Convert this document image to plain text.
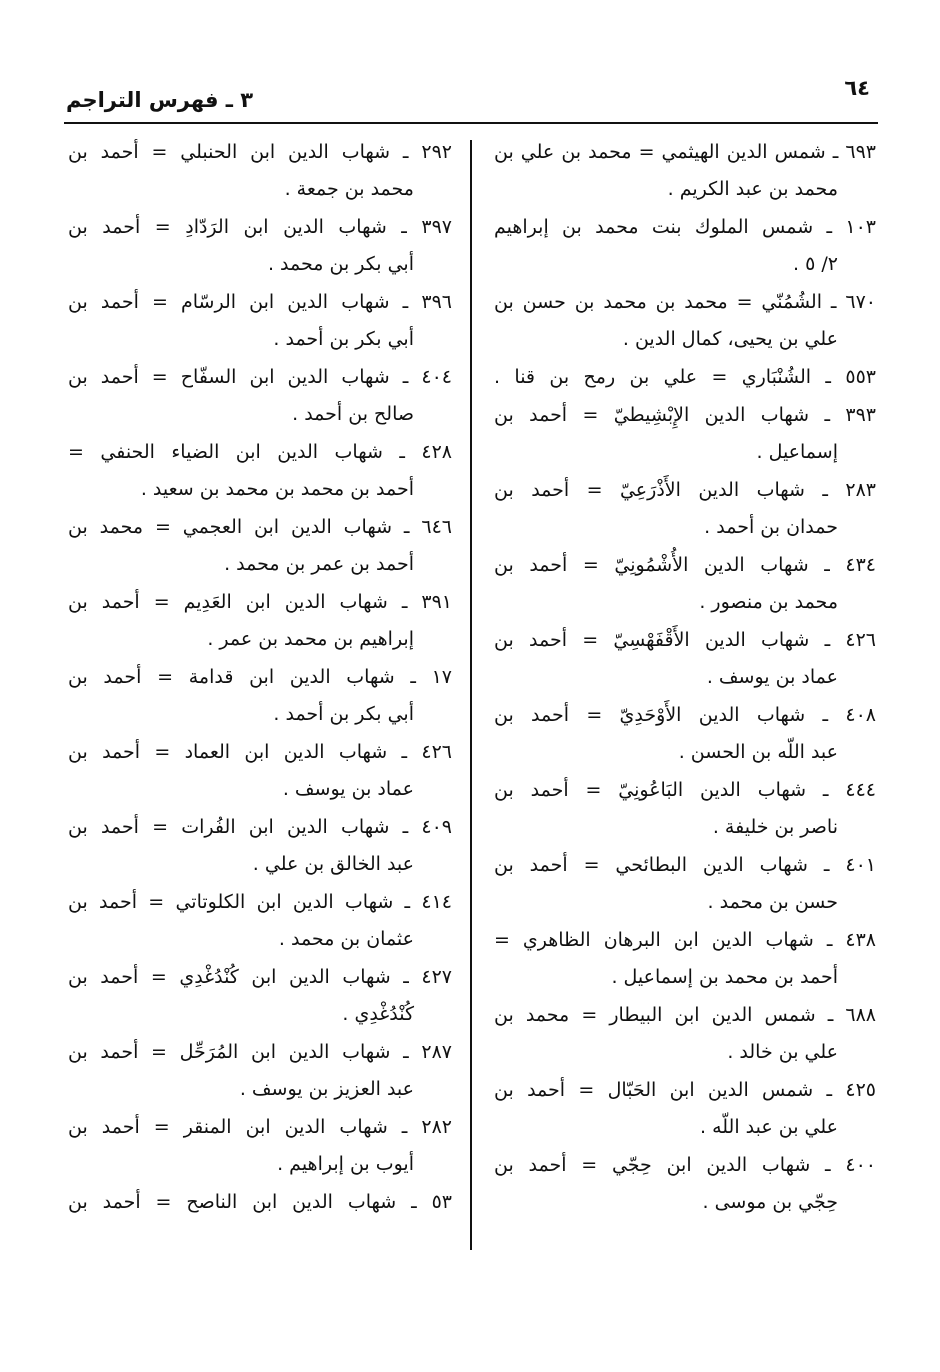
٦٤
٣ ـ فهرس التراجم
٦٩٣ ـ شمس الدين الهيثمي = محمد بن علي بن
محمد بن عبد الكريم .
١٠٣ ـ شمس الملوك بنت محمد بن إبراهيم
٢/ ٥ .
٦٧٠ ـ الشُمُنّي = محمد بن محمد بن حسن بن
علي بن يحيى، كمال الدين .
٥٥٣ ـ الشُنْبَاري = علي بن رمح بن قنا .
٣٩٣ ـ شهاب الدين الإِبْشِيطيّ = أحمد بن
إسماعيل .
٢٨٣ ـ شهاب الدين الأَذْرَعِيّ = أحمد بن
حمدان بن أحمد .
٤٣٤ ـ شهاب الدين الأُشْمُونِيّ = أحمد بن
محمد بن منصور .
٤٢٦ ـ شهاب الدين الأَقْفَهْسِيّ = أحمد بن
عماد بن يوسف .
٤٠٨ ـ شهاب الدين الأَوْحَدِيّ = أحمد بن
عبد اللّه بن الحسن .
٤٤٤ ـ شهاب الدين البَاعُونِيّ = أحمد بن
ناصر بن خليفة .
٤٠١ ـ شهاب الدين البطائحي = أحمد بن
حسن بن محمد .
٤٣٨ ـ شهاب الدين ابن البرهان الظاهري =
أحمد بن محمد بن إسماعيل .
٦٨٨ ـ شمس الدين ابن البيطار = محمد بن
علي بن خالد .
٤٢٥ ـ شمس الدين ابن الحَبّال = أحمد بن
علي بن عبد اللّه .
٤٠٠ ـ شهاب الدين ابن حِجّي = أحمد بن
حِجّي بن موسى .
٢٩٢ ـ شهاب الدين ابن الحنبلي = أحمد بن
محمد بن جمعة .
٣٩٧ ـ شهاب الدين ابن الرَدّادِ = أحمد بن
أبي بكر بن محمد .
٣٩٦ ـ شهاب الدين ابن الرسّام = أحمد بن
أبي بكر بن أحمد .
٤٠٤ ـ شهاب الدين ابن السفّاح = أحمد بن
صالح بن أحمد .
٤٢٨ ـ شهاب الدين ابن الضياء الحنفي =
أحمد بن محمد بن محمد بن سعيد .
٦٤٦ ـ شهاب الدين ابن العجمي = محمد بن
أحمد بن عمر بن محمد .
٣٩١ ـ شهاب الدين ابن العَدِيم = أحمد بن
إبراهيم بن محمد بن عمر .
١٧ ـ شهاب الدين ابن قدامة = أحمد بن
أبي بكر بن أحمد .
٤٢٦ ـ شهاب الدين ابن العماد = أحمد بن
عماد بن يوسف .
٤٠٩ ـ شهاب الدين ابن الفُرات = أحمد بن
عبد الخالق بن علي .
٤١٤ ـ شهاب الدين ابن الكلوتاتي = أحمد بن
عثمان بن محمد .
٤٢٧ ـ شهاب الدين ابن كُنْدُغْدِي = أحمد بن
كُنْدُغْدِي .
٢٨٧ ـ شهاب الدين ابن المُرَحِّل = أحمد بن
عبد العزيز بن يوسف .
٢٨٢ ـ شهاب الدين ابن المنقر = أحمد بن
أيوب بن إبراهيم .
٥٣ ـ شهاب الدين ابن الناصح = أحمد بن
